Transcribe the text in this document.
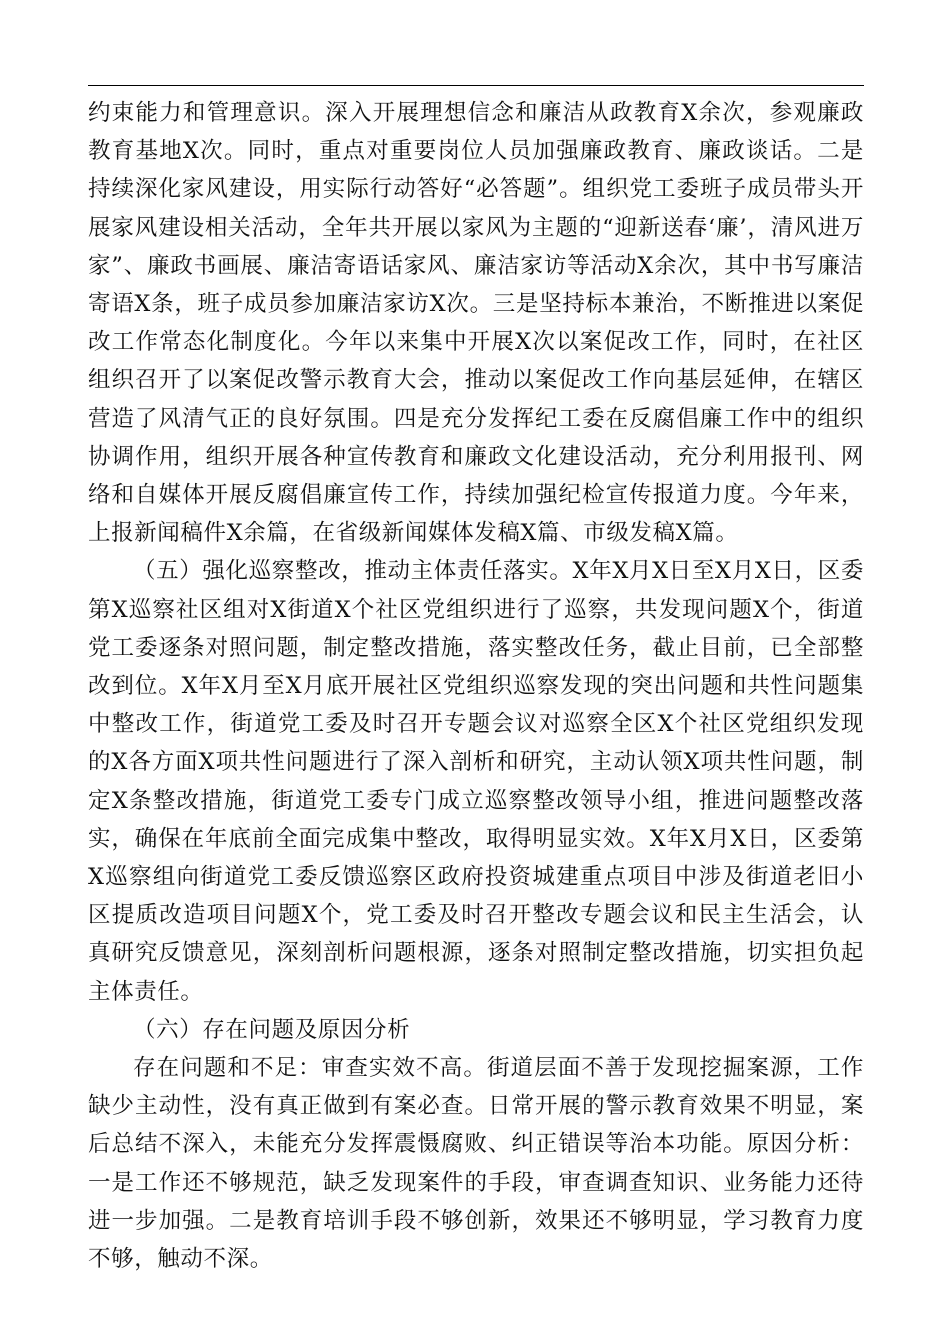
约束能力和管理意识。深入开展理想信念和廉洁从政教育X余次，参观廉政教育基地X次。同时，重点对重要岗位人员加强廉政教育、廉政谈话。二是持续深化家风建设，用实际行动答好“必答题”。组织党工委班子成员带头开展家风建设相关活动，全年共开展以家风为主题的“迎新送春‘廉’，清风进万家”、廉政书画展、廉洁寄语话家风、廉洁家访等活动X余次，其中书写廉洁寄语X条，班子成员参加廉洁家访X次。三是坚持标本兼治，不断推进以案促改工作常态化制度化。今年以来集中开展X次以案促改工作，同时，在社区组织召开了以案促改警示教育大会，推动以案促改工作向基层延伸，在辖区营造了风清气正的良好氛围。四是充分发挥纪工委在反腐倡廉工作中的组织协调作用，组织开展各种宣传教育和廉政文化建设活动，充分利用报刊、网络和自媒体开展反腐倡廉宣传工作，持续加强纪检宣传报道力度。今年来，上报新闻稿件X余篇，在省级新闻媒体发稿X篇、市级发稿X篇。

（五）强化巡察整改，推动主体责任落实。X年X月X日至X月X日，区委第X巡察社区组对X街道X个社区党组织进行了巡察，共发现问题X个，街道党工委逐条对照问题，制定整改措施，落实整改任务，截止目前，已全部整改到位。X年X月至X月底开展社区党组织巡察发现的突出问题和共性问题集中整改工作，街道党工委及时召开专题会议对巡察全区X个社区党组织发现的X各方面X项共性问题进行了深入剖析和研究，主动认领X项共性问题，制定X条整改措施，街道党工委专门成立巡察整改领导小组，推进问题整改落实，确保在年底前全面完成集中整改，取得明显实效。X年X月X日，区委第X巡察组向街道党工委反馈巡察区政府投资城建重点项目中涉及街道老旧小区提质改造项目问题X个，党工委及时召开整改专题会议和民主生活会，认真研究反馈意见，深刻剖析问题根源，逐条对照制定整改措施，切实担负起主体责任。

（六）存在问题及原因分析

存在问题和不足：审查实效不高。街道层面不善于发现挖掘案源，工作缺少主动性，没有真正做到有案必查。日常开展的警示教育效果不明显，案后总结不深入，未能充分发挥震慑腐败、纠正错误等治本功能。原因分析：一是工作还不够规范，缺乏发现案件的手段，审查调查知识、业务能力还待进一步加强。二是教育培训手段不够创新，效果还不够明显，学习教育力度不够，触动不深。
